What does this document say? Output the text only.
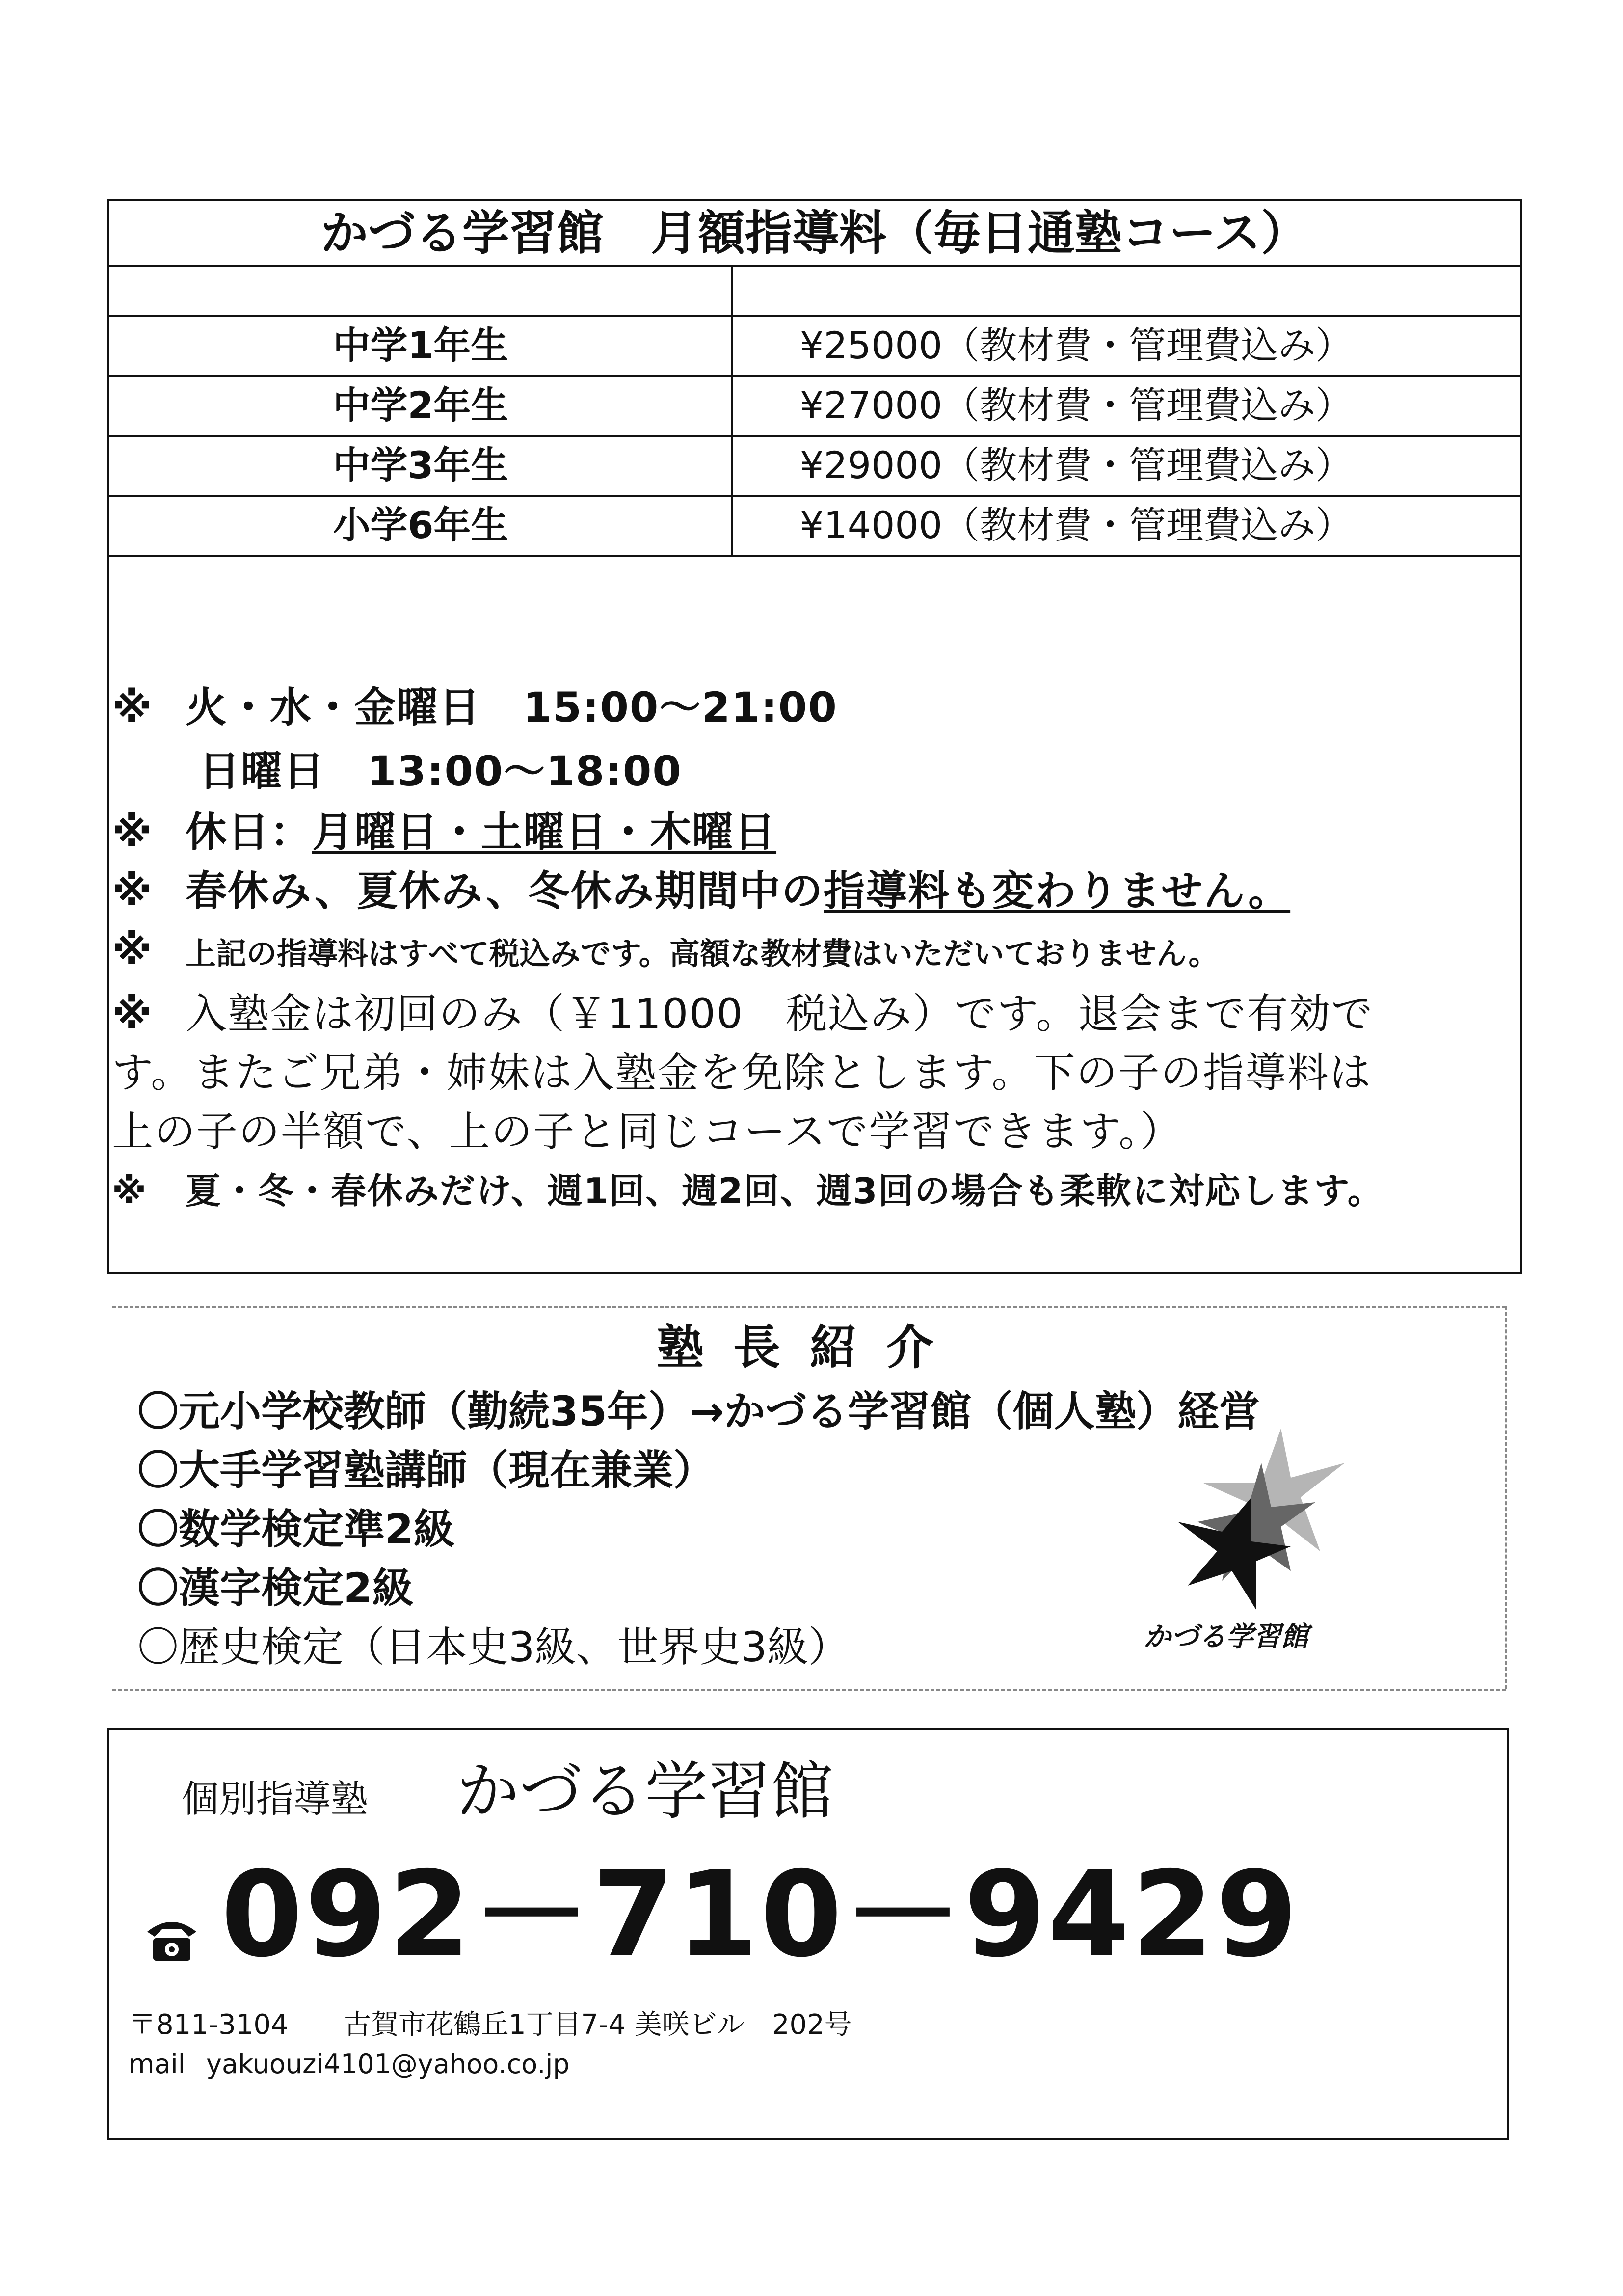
かづる学習館　月額指導料（毎日通塾コース）
中学1年生	¥25000（教材費・管理費込み）
中学2年生	¥27000（教材費・管理費込み）
中学3年生	¥29000（教材費・管理費込み）
小学6年生	¥14000（教材費・管理費込み）
※ 火・水・金曜日　15:00〜21:00
日曜日　13:00〜18:00
※ 休日：月曜日・土曜日・木曜日
※ 春休み、夏休み、冬休み期間中の指導料も変わりません。
※ 上記の指導料はすべて税込みです。高額な教材費はいただいておりません。
※ 入塾金は初回のみ（￥11000　税込み）です。退会まで有効で
す。またご兄弟・姉妹は入塾金を免除とします。下の子の指導料は
上の子の半額で、上の子と同じコースで学習できます。）
※ 夏・冬・春休みだけ、週1回、週2回、週3回の場合も柔軟に対応します。
塾長紹介
〇元小学校教師（勤続35年）→かづる学習館（個人塾）経営
〇大手学習塾講師（現在兼業）
〇数学検定準2級
〇漢字検定2級
〇歴史検定（日本史3級、世界史3級）	かづる学習館
個別指導塾 かづる学習館
092－710－9429
〒811-3104 古賀市花鶴丘1丁目7-4 美咲ビル　202号
mail yakuouzi4101@yahoo.co.jp
